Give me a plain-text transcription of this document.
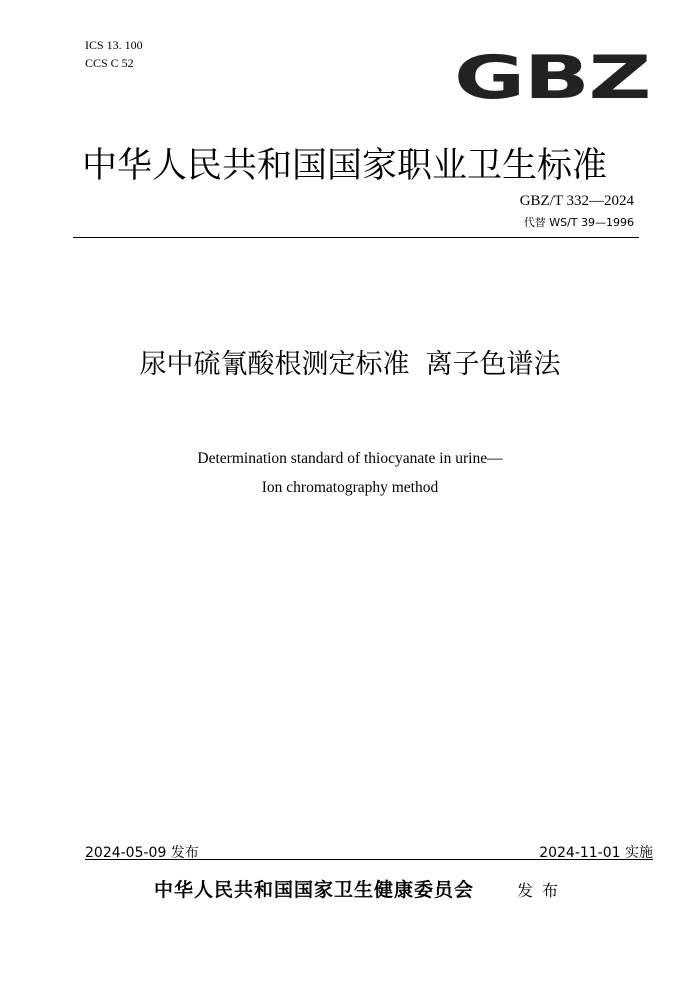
ICS 13. 100
CCS C 52	GBZ
中华人民共和国国家职业卫生标准
GBZ/T 332—2024
代替 WS/T 39—1996
尿中硫氰酸根测定标准 离子色谱法
Determination standard of thiocyanate in urine—
Ion chromatography method
2024-05-09 发布	2024-11-01 实施
中华人民共和国国家卫生健康委员会	发布
